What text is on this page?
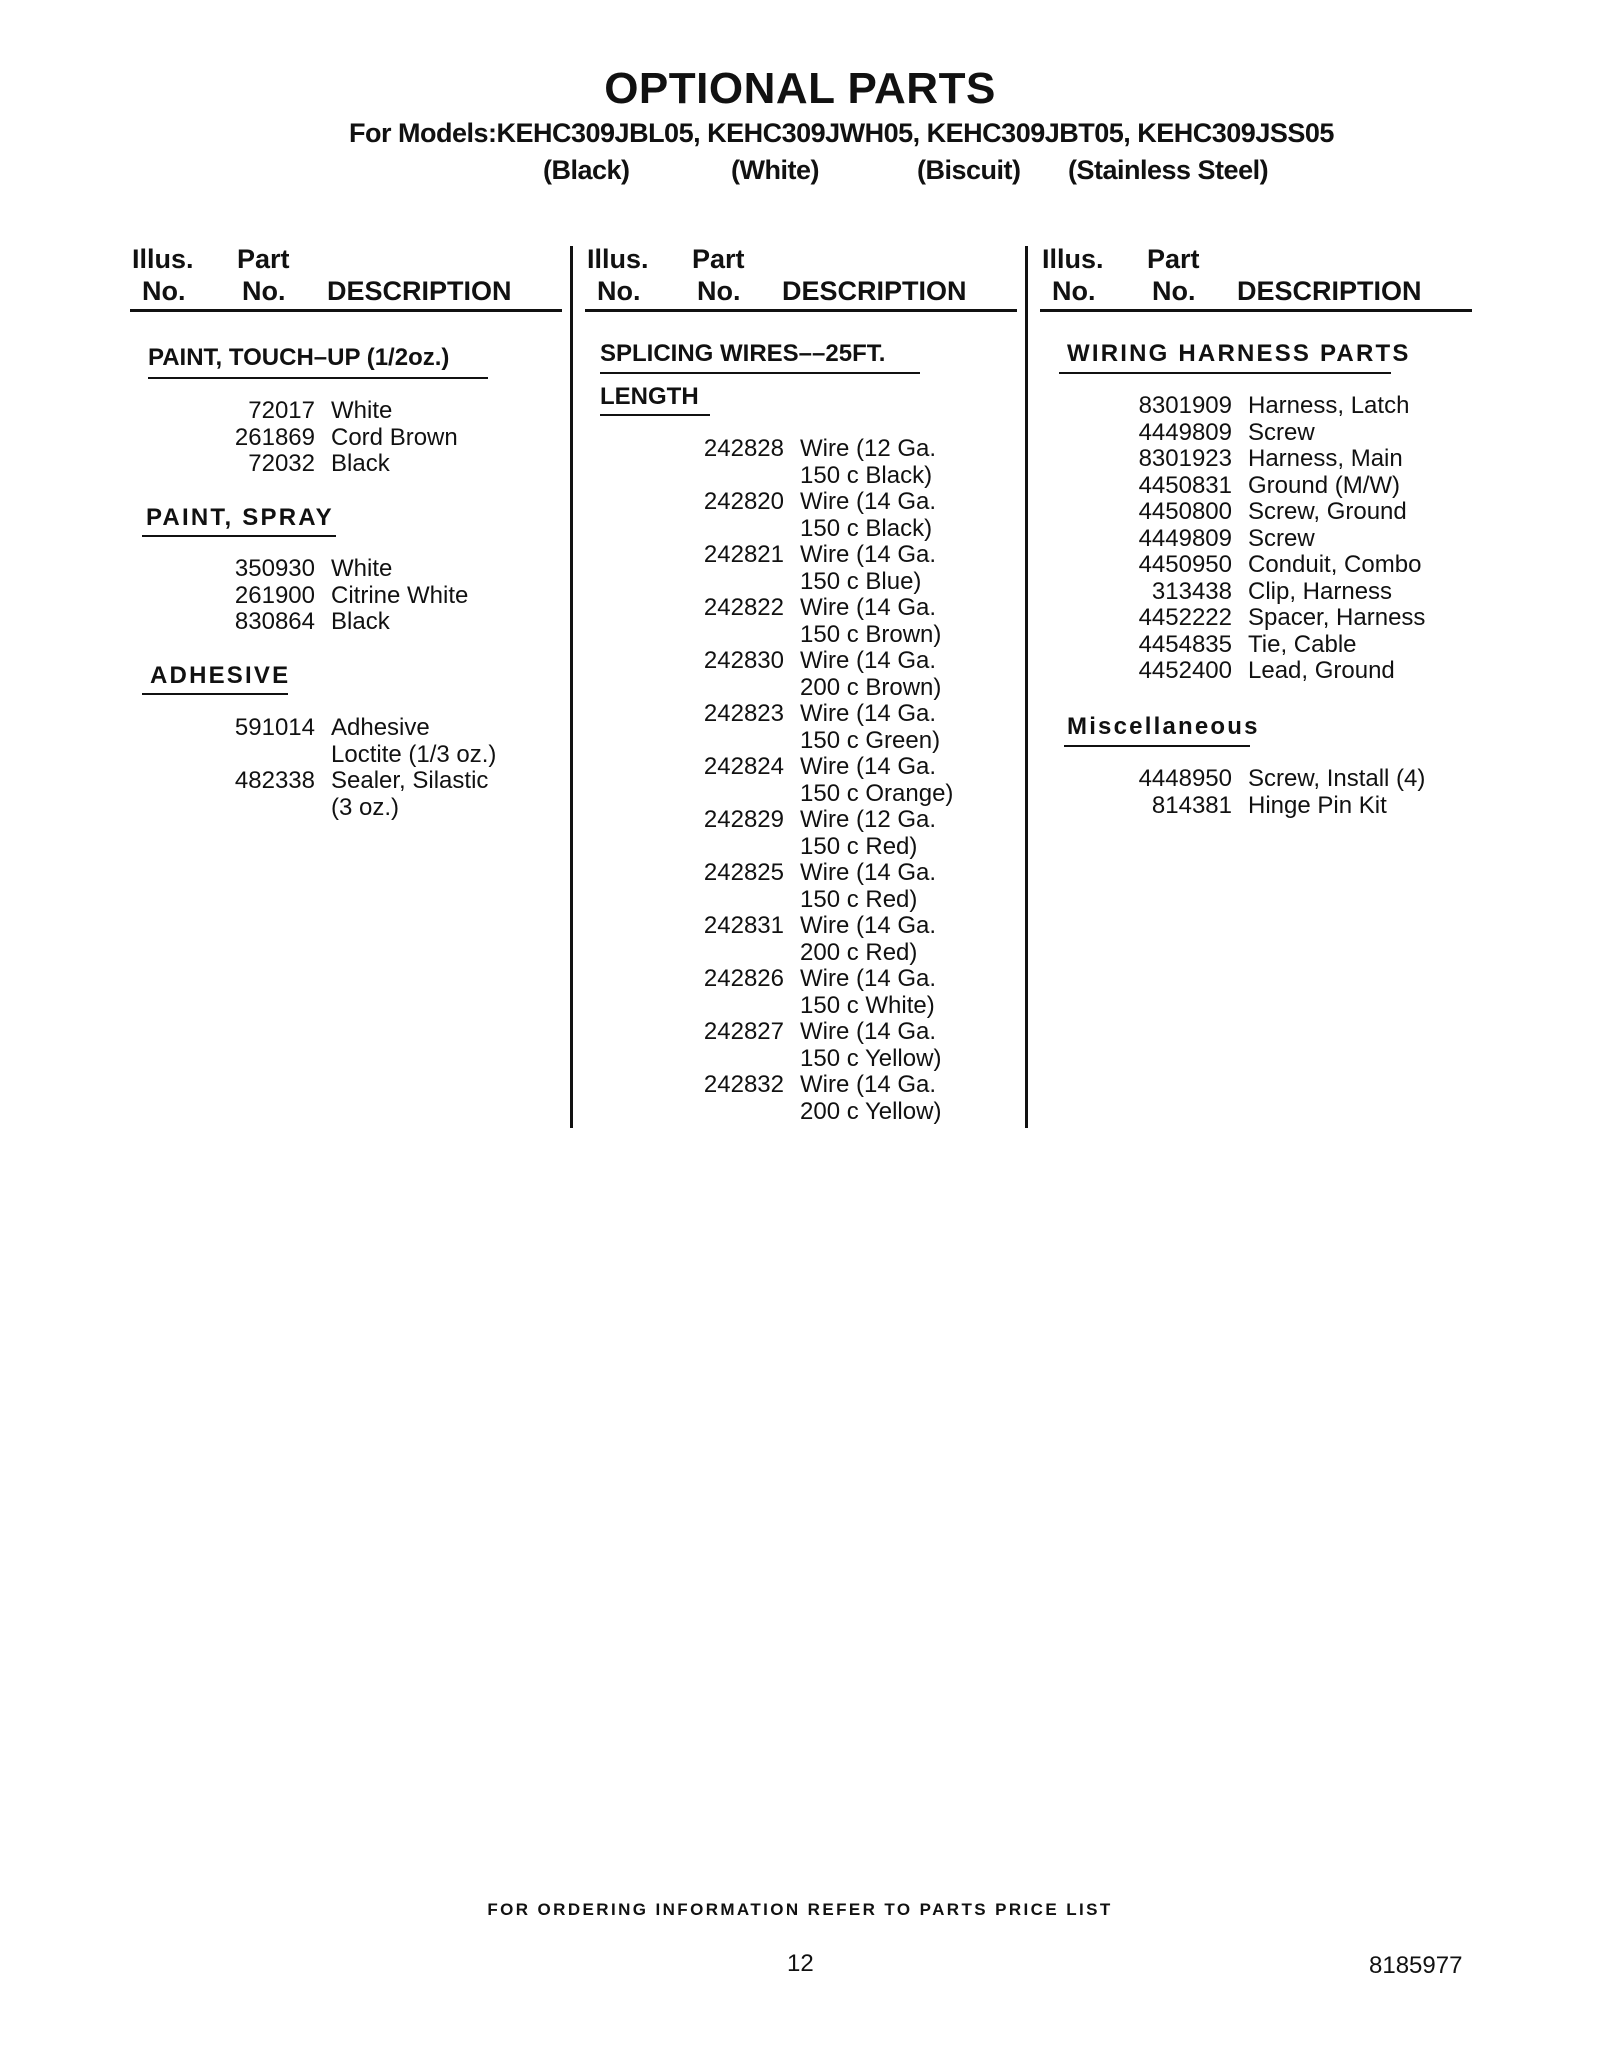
OPTIONAL PARTS
For Models:KEHC309JBL05, KEHC309JWH05, KEHC309JBT05, KEHC309JSS05
(Black)	(White)	(Biscuit) (Stainless Steel)
Illus.
No.
Part
No. DESCRIPTION
Illus.
No.
Part
No. DESCRIPTION
Illus.
No.
Part
No. DESCRIPTION
PAINT, TOUCH–UP (1/2oz.)
72017 White
261869 Cord Brown
72032 Black
PAINT, SPRAY
350930 White
261900 Citrine White
830864 Black
ADHESIVE
591014 Adhesive
Loctite (1/3 oz.)
482338 Sealer, Silastic
(3 oz.)
SPLICING WIRES––25FT.
LENGTH
242828 Wire (12 Ga.
150 c Black)
242820 Wire (14 Ga.
150 c Black)
242821 Wire (14 Ga.
150 c Blue)
242822 Wire (14 Ga.
150 c Brown)
242830 Wire (14 Ga.
200 c Brown)
242823 Wire (14 Ga.
150 c Green)
242824 Wire (14 Ga.
150 c Orange)
242829 Wire (12 Ga.
150 c Red)
242825 Wire (14 Ga.
150 c Red)
242831 Wire (14 Ga.
200 c Red)
242826 Wire (14 Ga.
150 c White)
242827 Wire (14 Ga.
150 c Yellow)
242832 Wire (14 Ga.
200 c Yellow)
WIRING HARNESS PARTS
8301909 Harness, Latch
4449809 Screw
8301923 Harness, Main
4450831 Ground (M/W)
4450800 Screw, Ground
4449809 Screw
4450950 Conduit, Combo
313438 Clip, Harness
4452222 Spacer, Harness
4454835 Tie, Cable
4452400 Lead, Ground
Miscellaneous
4448950 Screw, Install (4)
814381 Hinge Pin Kit
FOR ORDERING INFORMATION REFER TO PARTS PRICE LIST
12	8185977
